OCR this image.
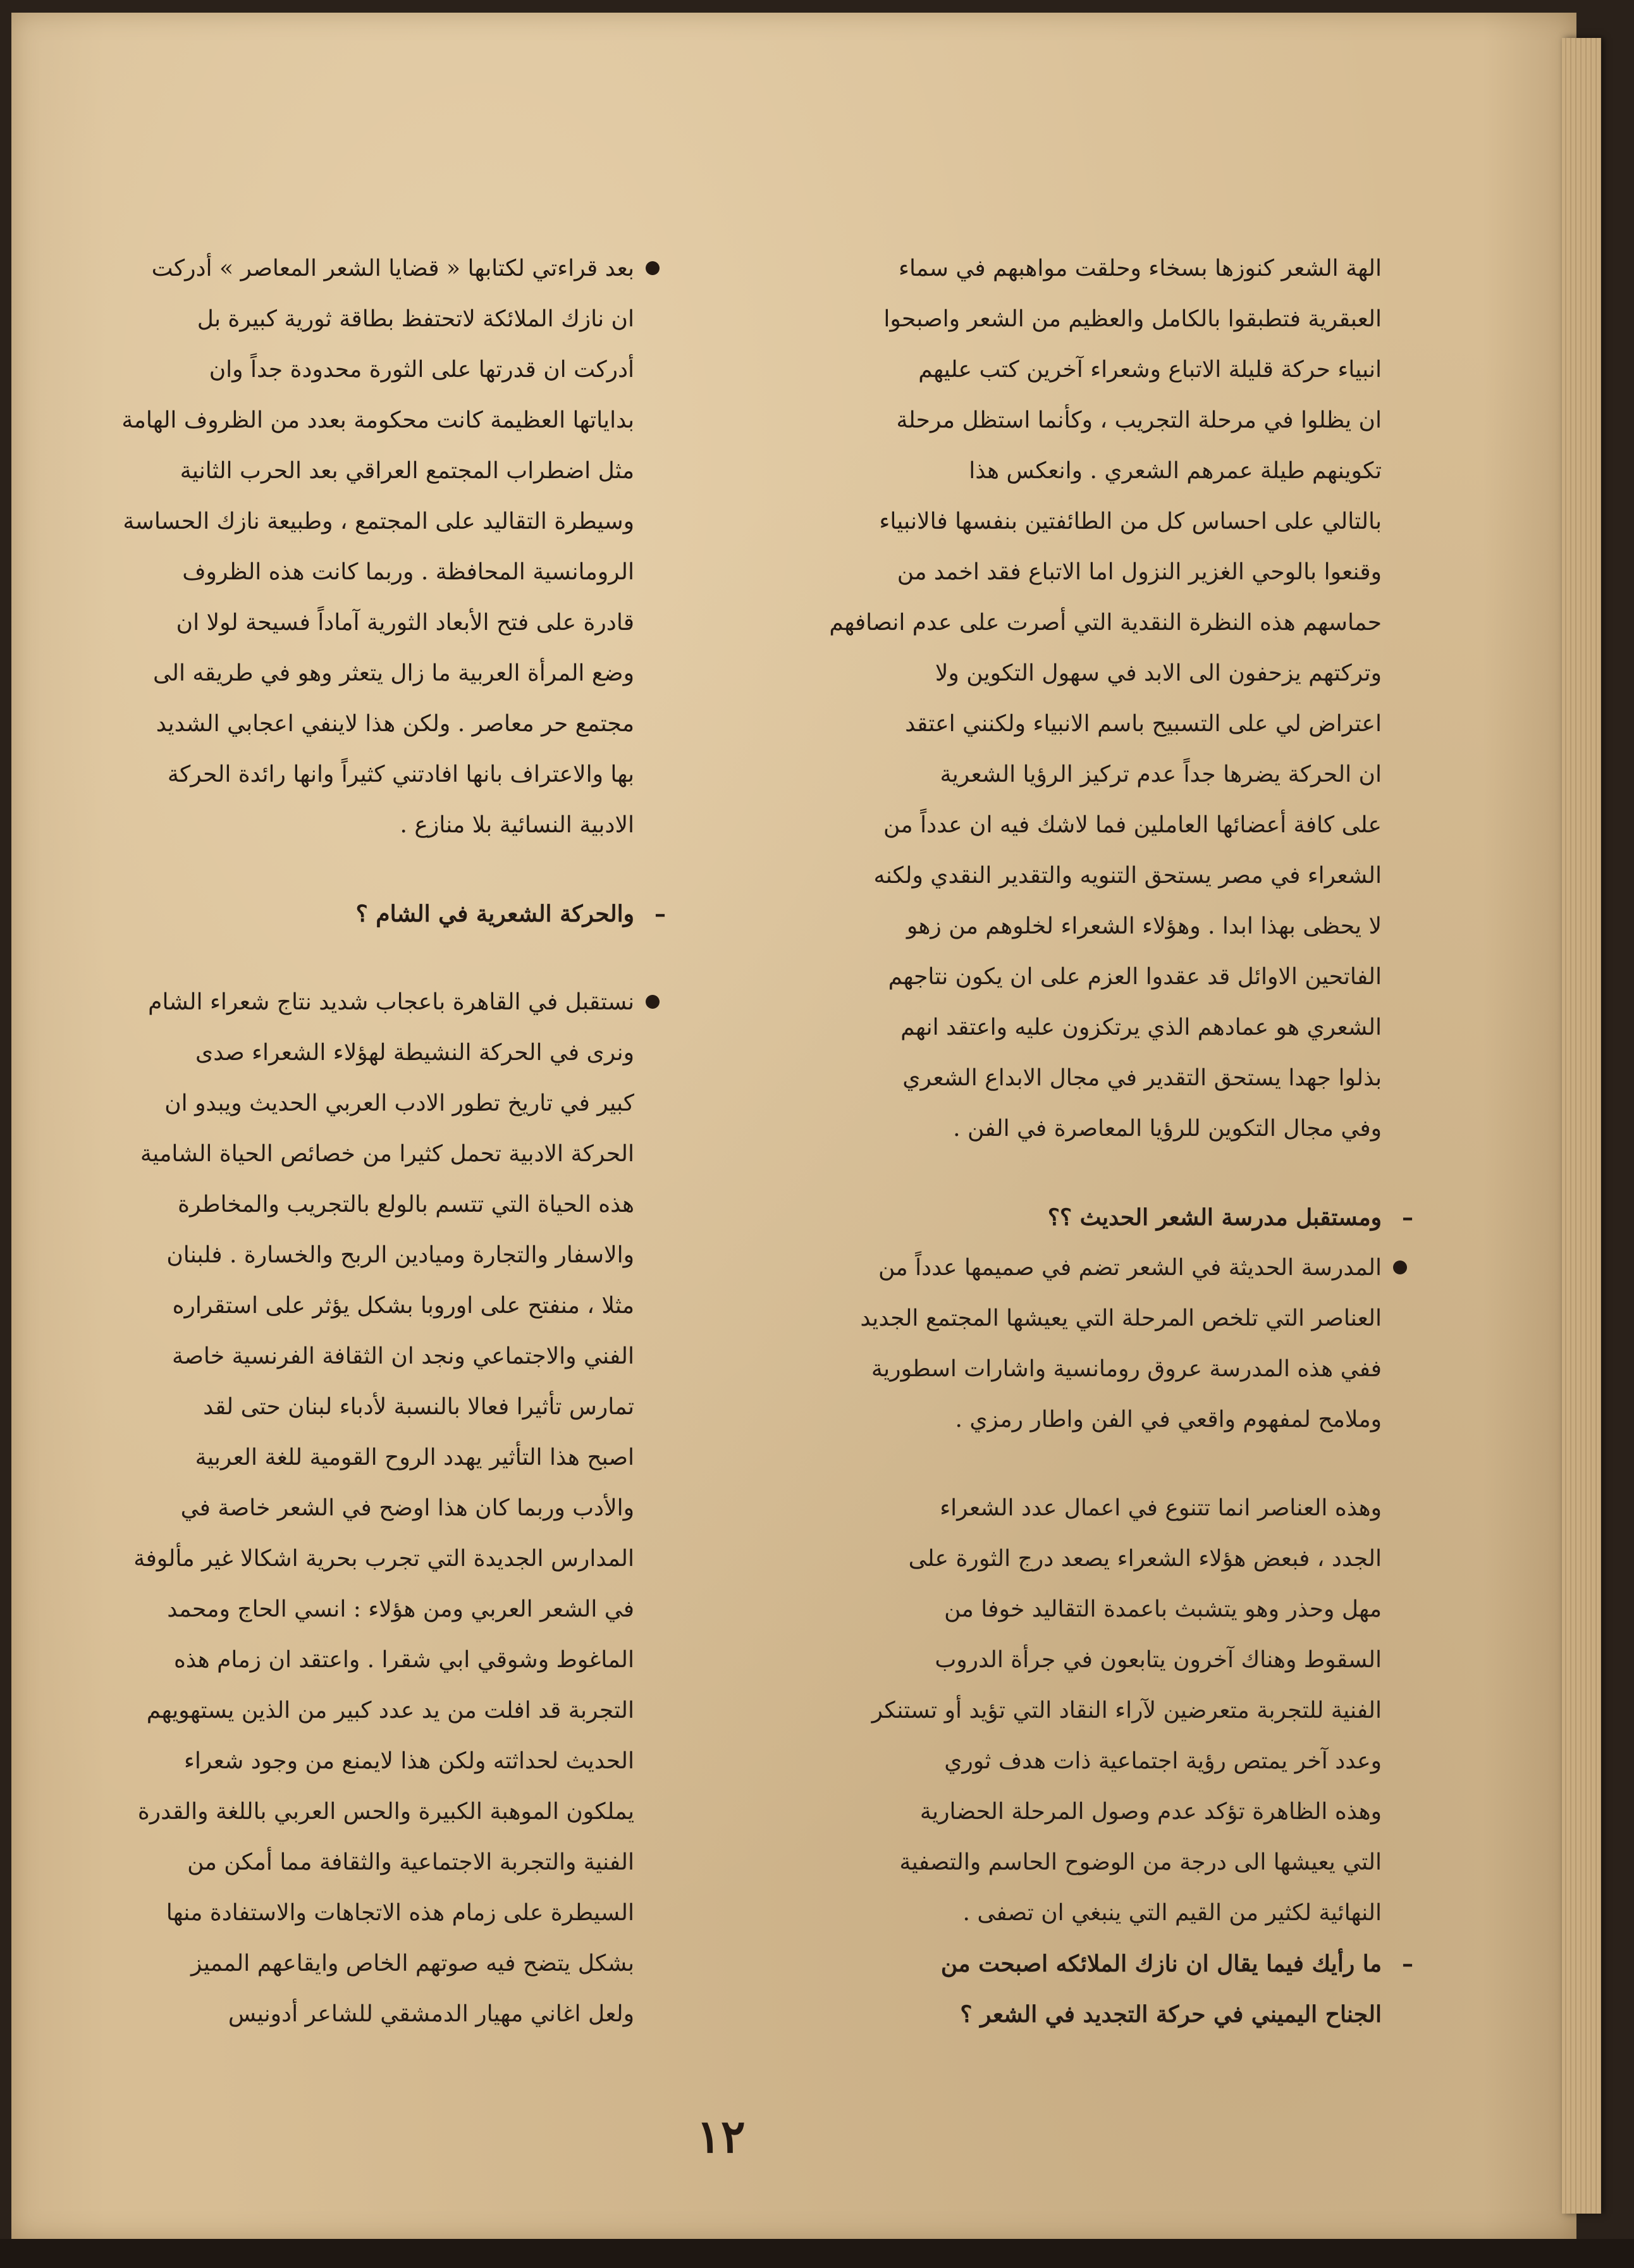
الهة الشعر كنوزها بسخاء وحلقت مواهبهم في سماء
العبقرية فتطبقوا بالكامل والعظيم من الشعر واصبحوا
انبياء حركة قليلة الاتباع وشعراء آخرين كتب عليهم
ان يظلوا في مرحلة التجريب ، وكأنما استظل مرحلة
تكوينهم طيلة عمرهم الشعري . وانعكس هذا
بالتالي على احساس كل من الطائفتين بنفسها فالانبياء
وقنعوا بالوحي الغزير النزول اما الاتباع فقد اخمد من
حماسهم هذه النظرة النقدية التي أصرت على عدم انصافهم
وتركتهم يزحفون الى الابد في سهول التكوين ولا
اعتراض لي على التسبيح باسم الانبياء ولكنني اعتقد
ان الحركة يضرها جداً عدم تركيز الرؤيا الشعرية
على كافة أعضائها العاملين فما لاشك فيه ان عدداً من
الشعراء في مصر يستحق التنويه والتقدير النقدي ولكنه
لا يحظى بهذا ابدا . وهؤلاء الشعراء لخلوهم من زهو
الفاتحين الاوائل قد عقدوا العزم على ان يكون نتاجهم
الشعري هو عمادهم الذي يرتكزون عليه واعتقد انهم
بذلوا جهدا يستحق التقدير في مجال الابداع الشعري
وفي مجال التكوين للرؤيا المعاصرة في الفن .
–
ومستقبل مدرسة الشعر الحديث ؟؟
المدرسة الحديثة في الشعر تضم في صميمها عدداً من
العناصر التي تلخص المرحلة التي يعيشها المجتمع الجديد
ففي هذه المدرسة عروق رومانسية واشارات اسطورية
وملامح لمفهوم واقعي في الفن واطار رمزي .
وهذه العناصر انما تتنوع في اعمال عدد الشعراء
الجدد ، فبعض هؤلاء الشعراء يصعد درج الثورة على
مهل وحذر وهو يتشبث باعمدة التقاليد خوفا من
السقوط وهناك آخرون يتابعون في جرأة الدروب
الفنية للتجربة متعرضين لآراء النقاد التي تؤيد أو تستنكر
وعدد آخر يمتص رؤية اجتماعية ذات هدف ثوري
وهذه الظاهرة تؤكد عدم وصول المرحلة الحضارية
التي يعيشها الى درجة من الوضوح الحاسم والتصفية
النهائية لكثير من القيم التي ينبغي ان تصفى .
–
ما رأيك فيما يقال ان نازك الملائكه اصبحت من
الجناح اليميني في حركة التجديد في الشعر ؟
بعد قراءتي لكتابها « قضايا الشعر المعاصر » أدركت
ان نازك الملائكة لاتحتفظ بطاقة ثورية كبيرة بل
أدركت ان قدرتها على الثورة محدودة جداً وان
بداياتها العظيمة كانت محكومة بعدد من الظروف الهامة
مثل اضطراب المجتمع العراقي بعد الحرب الثانية
وسيطرة التقاليد على المجتمع ، وطبيعة نازك الحساسة
الرومانسية المحافظة . وربما كانت هذه الظروف
قادرة على فتح الأبعاد الثورية آماداً فسيحة لولا ان
وضع المرأة العربية ما زال يتعثر وهو في طريقه الى
مجتمع حر معاصر . ولكن هذا لاينفي اعجابي الشديد
بها والاعتراف بانها افادتني كثيراً وانها رائدة الحركة
الادبية النسائية بلا منازع .
–
والحركة الشعرية في الشام ؟
نستقبل في القاهرة باعجاب شديد نتاج شعراء الشام
ونرى في الحركة النشيطة لهؤلاء الشعراء صدى
كبير في تاريخ تطور الادب العربي الحديث ويبدو ان
الحركة الادبية تحمل كثيرا من خصائص الحياة الشامية
هذه الحياة التي تتسم بالولع بالتجريب والمخاطرة
والاسفار والتجارة وميادين الربح والخسارة . فلبنان
مثلا ، منفتح على اوروبا بشكل يؤثر على استقراره
الفني والاجتماعي ونجد ان الثقافة الفرنسية خاصة
تمارس تأثيرا فعالا بالنسبة لأدباء لبنان حتى لقد
اصبح هذا التأثير يهدد الروح القومية للغة العربية
والأدب وربما كان هذا اوضح في الشعر خاصة في
المدارس الجديدة التي تجرب بحرية اشكالا غير مألوفة
في الشعر العربي ومن هؤلاء : انسي الحاج ومحمد
الماغوط وشوقي ابي شقرا . واعتقد ان زمام هذه
التجربة قد افلت من يد عدد كبير من الذين يستهويهم
الحديث لحداثته ولكن هذا لايمنع من وجود شعراء
يملكون الموهبة الكبيرة والحس العربي باللغة والقدرة
الفنية والتجربة الاجتماعية والثقافة مما أمكن من
السيطرة على زمام هذه الاتجاهات والاستفادة منها
بشكل يتضح فيه صوتهم الخاص وايقاعهم المميز
ولعل اغاني مهيار الدمشقي للشاعر أدونيس
١٢
